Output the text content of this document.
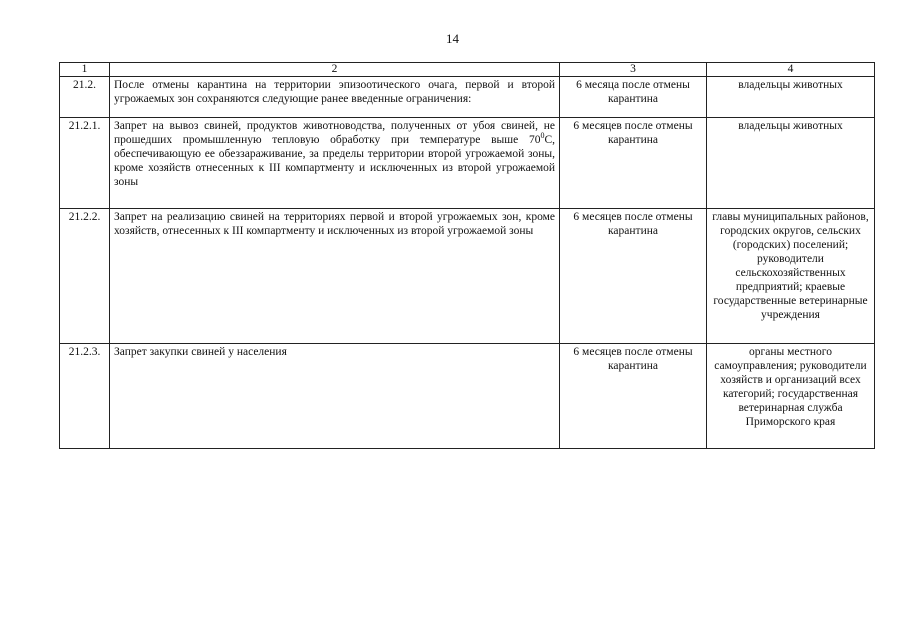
14
1	2	3	4
21.2.	После отмены карантина на территории эпизоотического очага, первой и второй угрожаемых зон сохраняются следующие ранее введенные ограничения:	6 месяца после отмены карантина	владельцы животных
21.2.1.	Запрет на вывоз свиней, продуктов животноводства, полученных от убоя свиней, не прошедших промышленную тепловую обработку при температуре выше $70^0С$, обеспечивающую ее обеззараживание, за пределы территории второй угрожаемой зоны, кроме хозяйств отнесенных к III компартменту и исключенных из второй угрожаемой зоны	6 месяцев после отмены карантина	владельцы животных
21.2.2.	Запрет на реализацию свиней на территориях первой и второй угрожаемых зон, кроме хозяйств, отнесенных к III компартменту и исключенных из второй угрожаемой зоны	6 месяцев после отмены карантина	главы муниципальных районов, городских округов, сельских (городских) поселений; руководители сельскохозяйственных предприятий; краевые государственные ветеринарные учреждения
21.2.3.	Запрет закупки свиней у населения	6 месяцев после отмены карантина	органы местного самоуправления; руководители хозяйств и организаций всех категорий; государственная ветеринарная служба Приморского края
